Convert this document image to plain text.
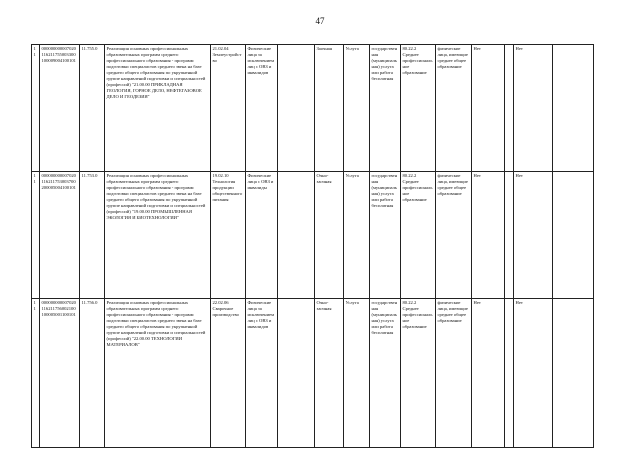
47
11	000000000007020116211755003300100009004100101	11.755.0	Реализация основных профессиональных образовательных программ среднего профессионального образования - программ подготовки специалистов среднего звена на базе среднего общего образования по укрупненной группе направлений подготовки и специальностей (профессий) "21.00.00 ПРИКЛАДНАЯ ГЕОЛОГИЯ, ГОРНОЕ ДЕЛО, НЕФТЕГАЗОВОЕ ДЕЛО И ГЕОДЕЗИЯ"	21.02.04 Землеустройство	Физические лица за исключением лиц с ОВЗ и инвалидов		Заочная	Услуга	государственная (муниципальная) услуга или работа бесплатная	80.22.2 Среднее профессиональное образование	физические лица, имеющие среднее общее образование	Нет		Нет	
11	000000000007020116211753003700200005004100101	11.753.0	Реализация основных профессиональных образовательных программ среднего профессионального образования - программ подготовки специалистов среднего звена на базе среднего общего образования по укрупненной группе направлений подготовки и специальностей (профессий) "19.00.00 ПРОМЫШЛЕННАЯ ЭКОЛОГИЯ И БИОТЕХНОЛОГИИ"	19.02.10 Технология продукции общественного питания	Физические лица с ОВЗ и инвалиды		Очно-заочная	Услуга	государственная (муниципальная) услуга или работа бесплатная	80.22.2 Среднее профессиональное образование	физические лица, имеющие среднее общее образование	Нет		Нет	
11	000000000007020116211756002100100005001100101	11.756.0	Реализация основных профессиональных образовательных программ среднего профессионального образования - программ подготовки специалистов среднего звена на базе среднего общего образования по укрупненной группе направлений подготовки и специальностей (профессий) "22.00.00 ТЕХНОЛОГИИ МАТЕРИАЛОВ"	22.02.06 Сварочное производство	Физические лица за исключением лиц с ОВЗ и инвалидов		Очно-заочная	Услуга	государственная (муниципальная) услуга или работа бесплатная	80.22.2 Среднее профессиональное образование	физические лица, имеющие среднее общее образование	Нет		Нет	
